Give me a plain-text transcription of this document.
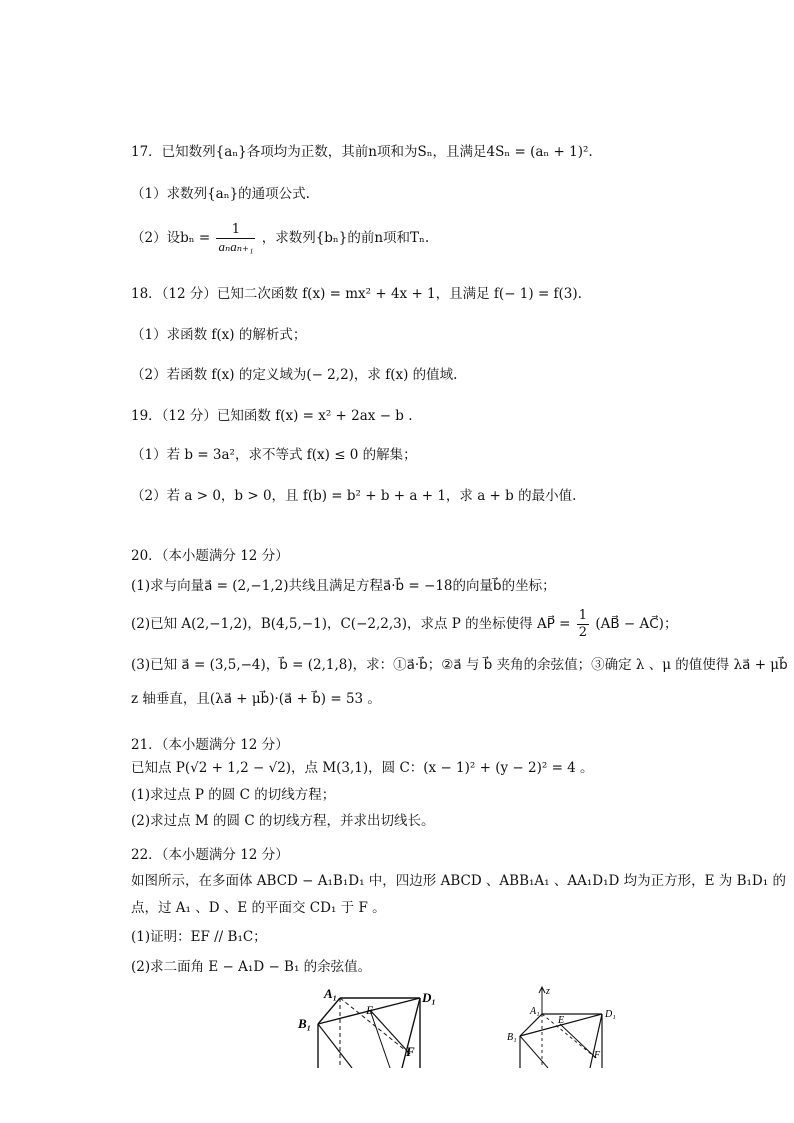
17．已知数列{aₙ}各项均为正数，其前n项和为Sₙ，且满足4Sₙ = (aₙ + 1)².
（1）求数列{aₙ}的通项公式.
（2）设$b_n = \frac{1}{\text{aₙaₙ₊₁}}$ ，求数列{bₙ}的前n项和Tₙ.
18．（12 分）已知二次函数 f(x) = mx² + 4x + 1，且满足 f(− 1) = f(3).
（1）求函数 f(x) 的解析式；
（2）若函数 f(x) 的定义域为(− 2,2)，求 f(x) 的值域.
19．（12 分）已知函数 f(x) = x² + 2ax − b .
（1）若 b = 3a²，求不等式 f(x) ≤ 0 的解集；
（2）若 a > 0，b > 0，且 f(b) = b² + b + a + 1，求 a + b 的最小值.
20．（本小题满分 12 分）
(1)求与向量a⃗ = (2,−1,2)共线且满足方程a⃗·b⃗ = −18的向量b⃗的坐标；
(2)已知 A(2,−1,2)，B(4,5,−1)，C(−2,2,3)，求点 P 的坐标使得 AP⃗ = $\frac{1}{2}$ (AB⃗ − AC⃗)；
(3)已知 a⃗ = (3,5,−4)，b⃗ = (2,1,8)，求：①a⃗·b⃗；②a⃗ 与 b⃗ 夹角的余弦值；③确定 λ 、μ 的值使得 λa⃗ + μb⃗
z 轴垂直，且(λa⃗ + μb⃗)·(a⃗ + b⃗) = 53 。
21．（本小题满分 12 分）
已知点 P(√2 + 1,2 − √2)，点 M(3,1)，圆 C：(x − 1)² + (y − 2)² = 4 。
(1)求过点 P 的圆 C 的切线方程；
(2)求过点 M 的圆 C 的切线方程，并求出切线长。
22．（本小题满分 12 分）
如图所示，在多面体 ABCD − A₁B₁D₁ 中，四边形 ABCD 、ABB₁A₁ 、AA₁D₁D 均为正方形，E 为 B₁D₁ 的
点，过 A₁ 、D 、E 的平面交 CD₁ 于 F 。
(1)证明：EF // B₁C；
(2)求二面角 E − A₁D − B₁ 的余弦值。
A₁	D₁
B₁
E
F
z
A₁	D₁
B₁
E
F
